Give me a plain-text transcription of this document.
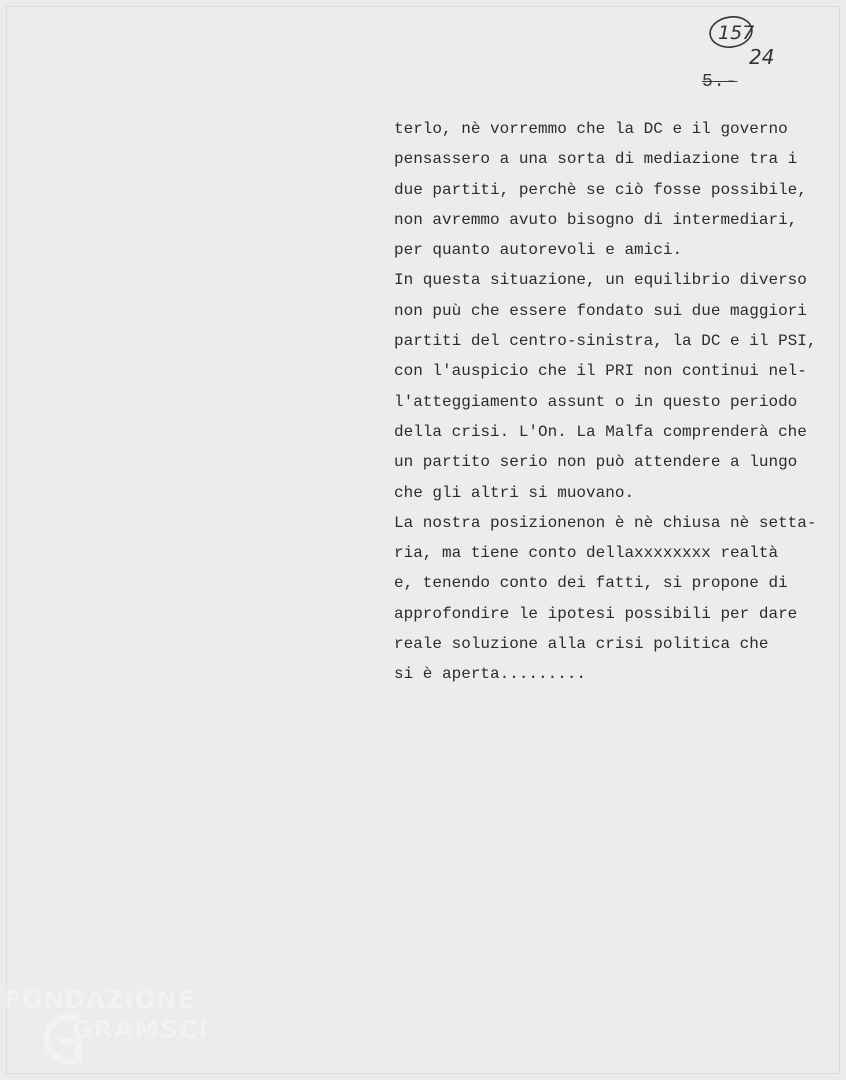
157
24
5.-
terlo, nè vorremmo che la DC e il governo
pensassero a una sorta di mediazione tra i
due partiti, perchè se ciò fosse possibile,
non avremmo avuto bisogno di intermediari,
per quanto autorevoli e amici.
In questa situazione, un equilibrio diverso
non puù che essere fondato sui due maggiori
partiti del centro-sinistra, la DC e il PSI,
con l'auspicio che il PRI non continui nel-
l'atteggiamento assunt o in questo periodo
della crisi. L'On. La Malfa comprenderà che
un partito serio non può attendere a lungo
che gli altri si muovano.
La nostra posizionenon è nè chiusa nè setta-
ria, ma tiene conto dellaxxxxxxxx realtà
e, tenendo conto dei fatti, si propone di
approfondire le ipotesi possibili per dare
reale soluzione alla crisi politica che
si è aperta.........
FONDAZIONE
GRAMSCI
